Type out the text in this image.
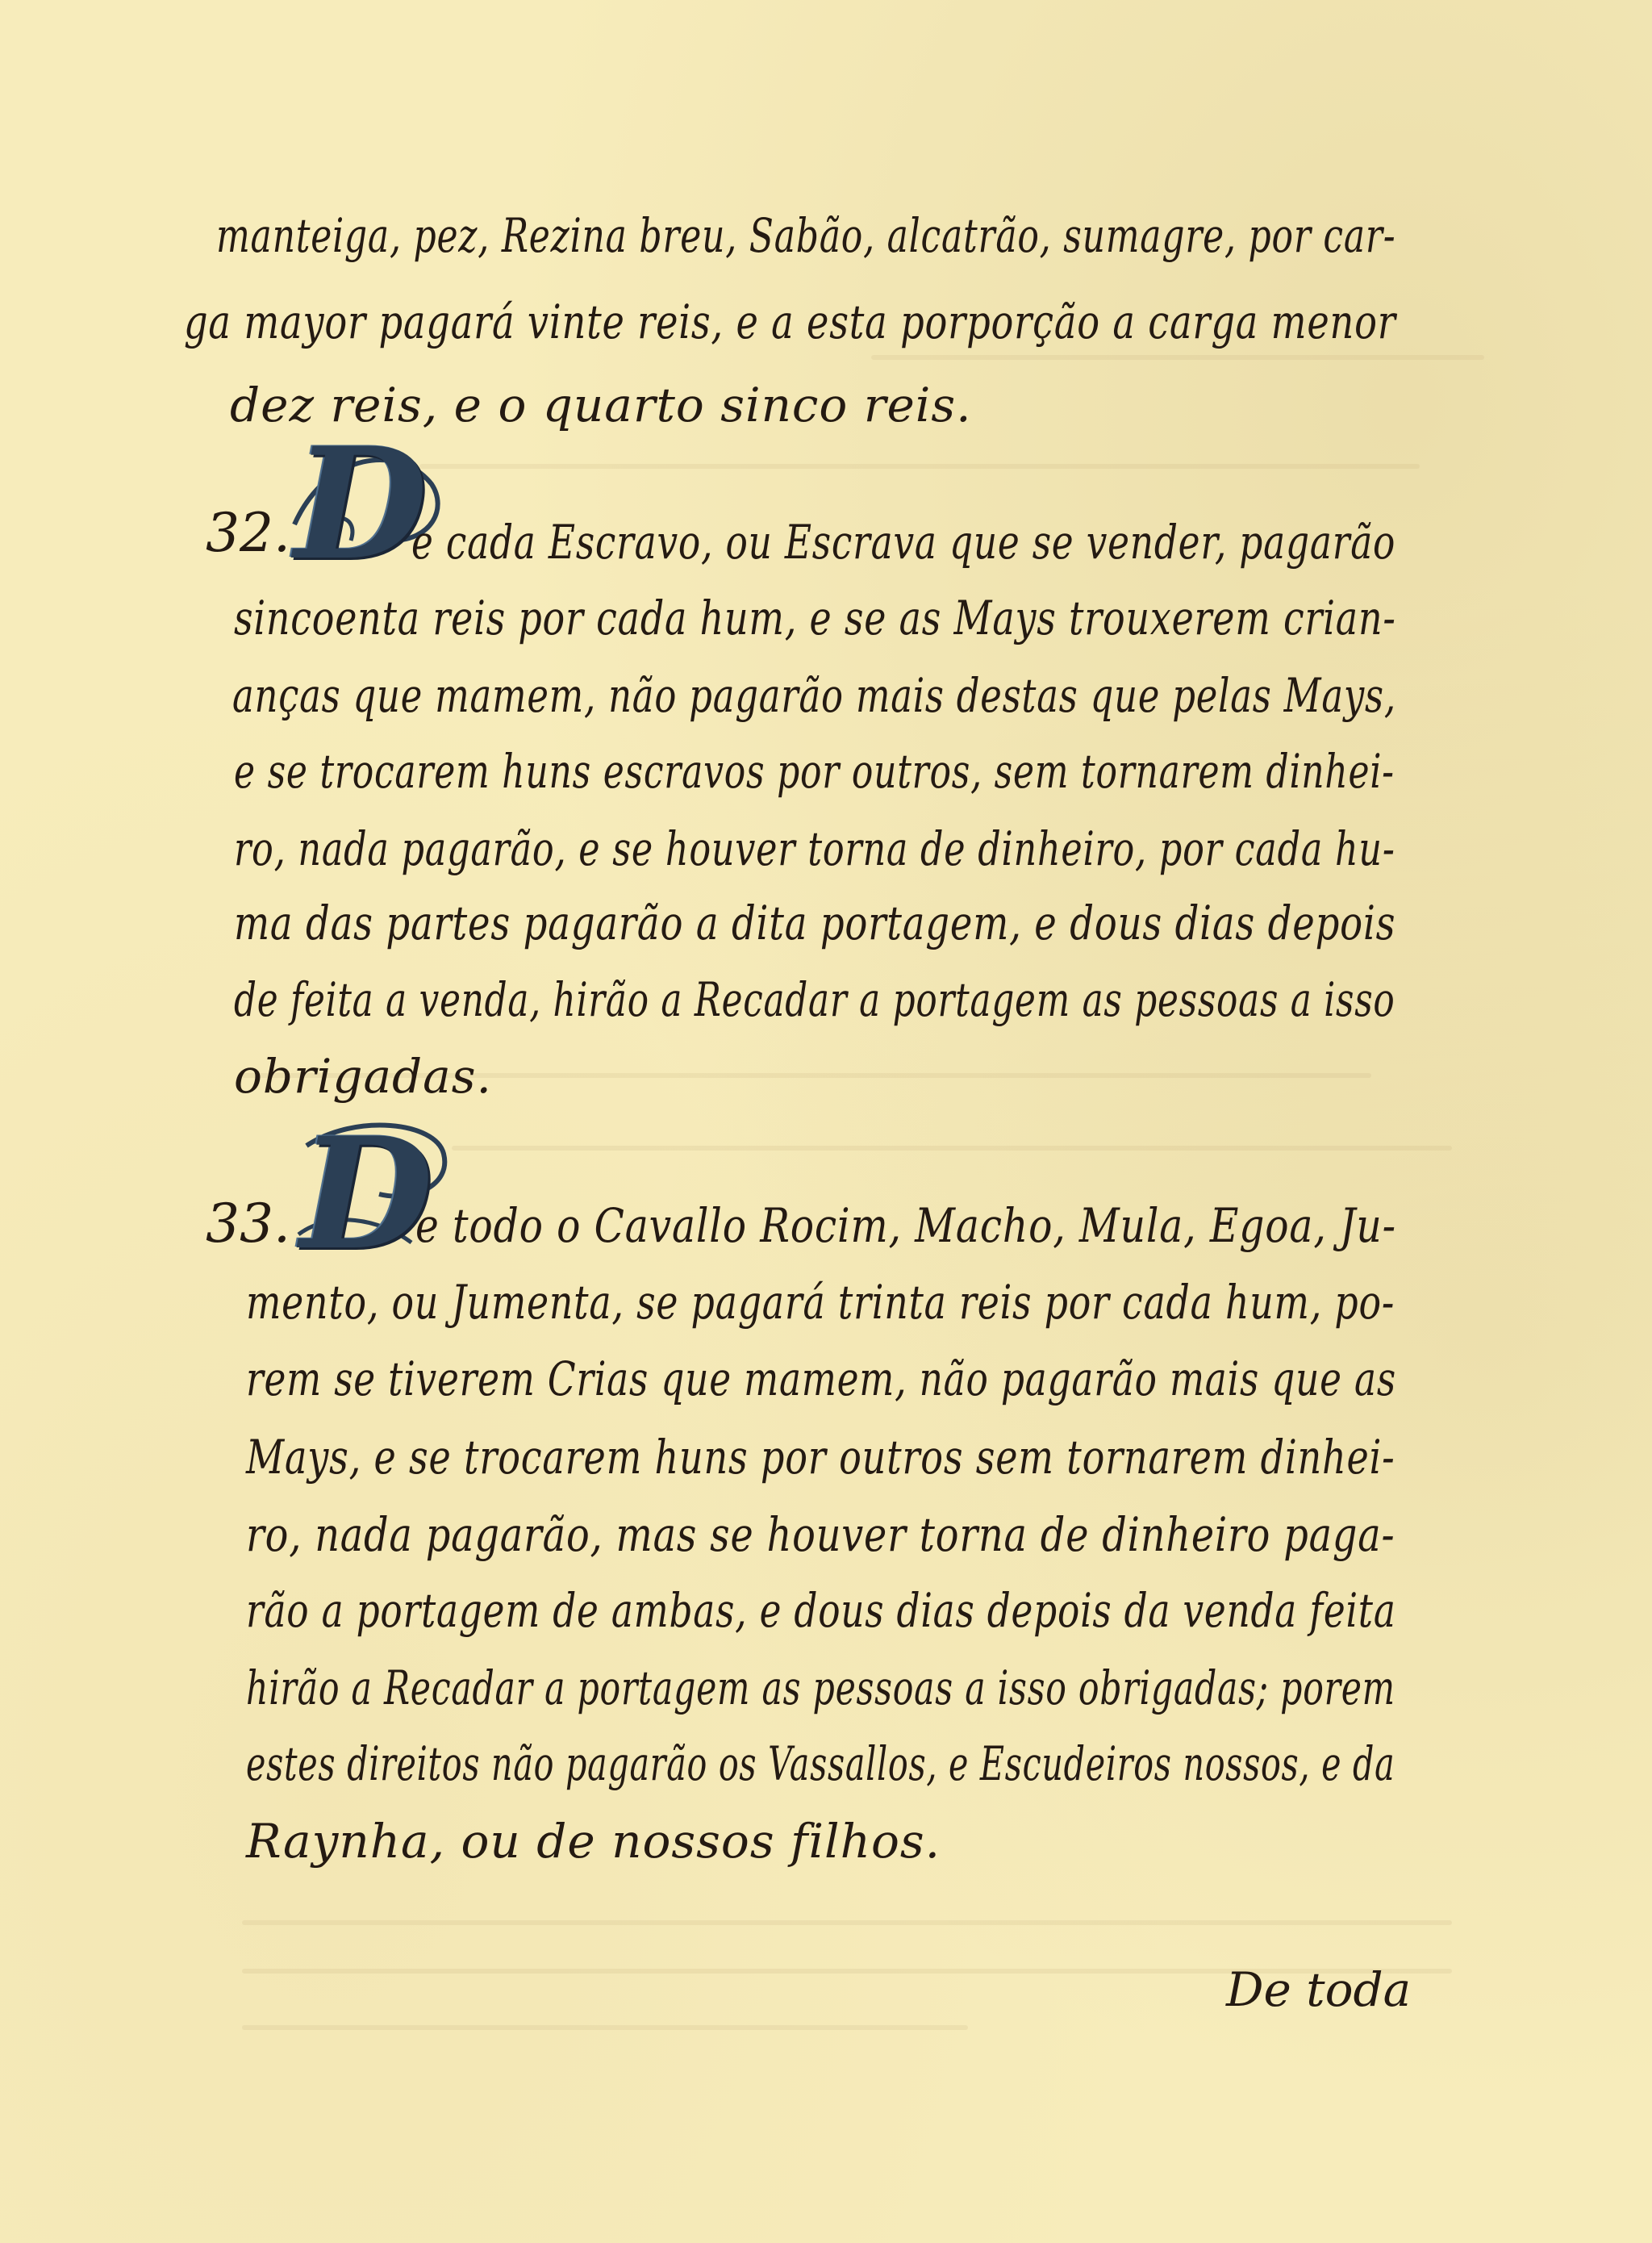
manteiga, pez, Rezina breu, Sabão, alcatrão, sumagre, por car-
ga mayor pagará vinte reis, e a esta porporção a carga menor
dez reis, e o quarto sinco reis.
32. D
e cada Escravo, ou Escrava que se vender, pagarão
sincoenta reis por cada hum, e se as Mays trouxerem crian-
anças que mamem, não pagarão mais destas que pelas Mays,
e se trocarem huns escravos por outros, sem tornarem dinhei-
ro, nada pagarão, e se houver torna de dinheiro, por cada hu-
ma das partes pagarão a dita portagem, e dous dias depois
de feita a venda, hirão a Recadar a portagem as pessoas a isso
obrigadas.
33. D
e todo o Cavallo Rocim, Macho, Mula, Egoa, Ju-
mento, ou Jumenta, se pagará trinta reis por cada hum, po-
rem se tiverem Crias que mamem, não pagarão mais que as
Mays, e se trocarem huns por outros sem tornarem dinhei-
ro, nada pagarão, mas se houver torna de dinheiro paga-
rão a portagem de ambas, e dous dias depois da venda feita
hirão a Recadar a portagem as pessoas a isso obrigadas; porem
estes direitos não pagarão os Vassallos, e Escudeiros nossos, e da
Raynha, ou de nossos filhos.
De toda
